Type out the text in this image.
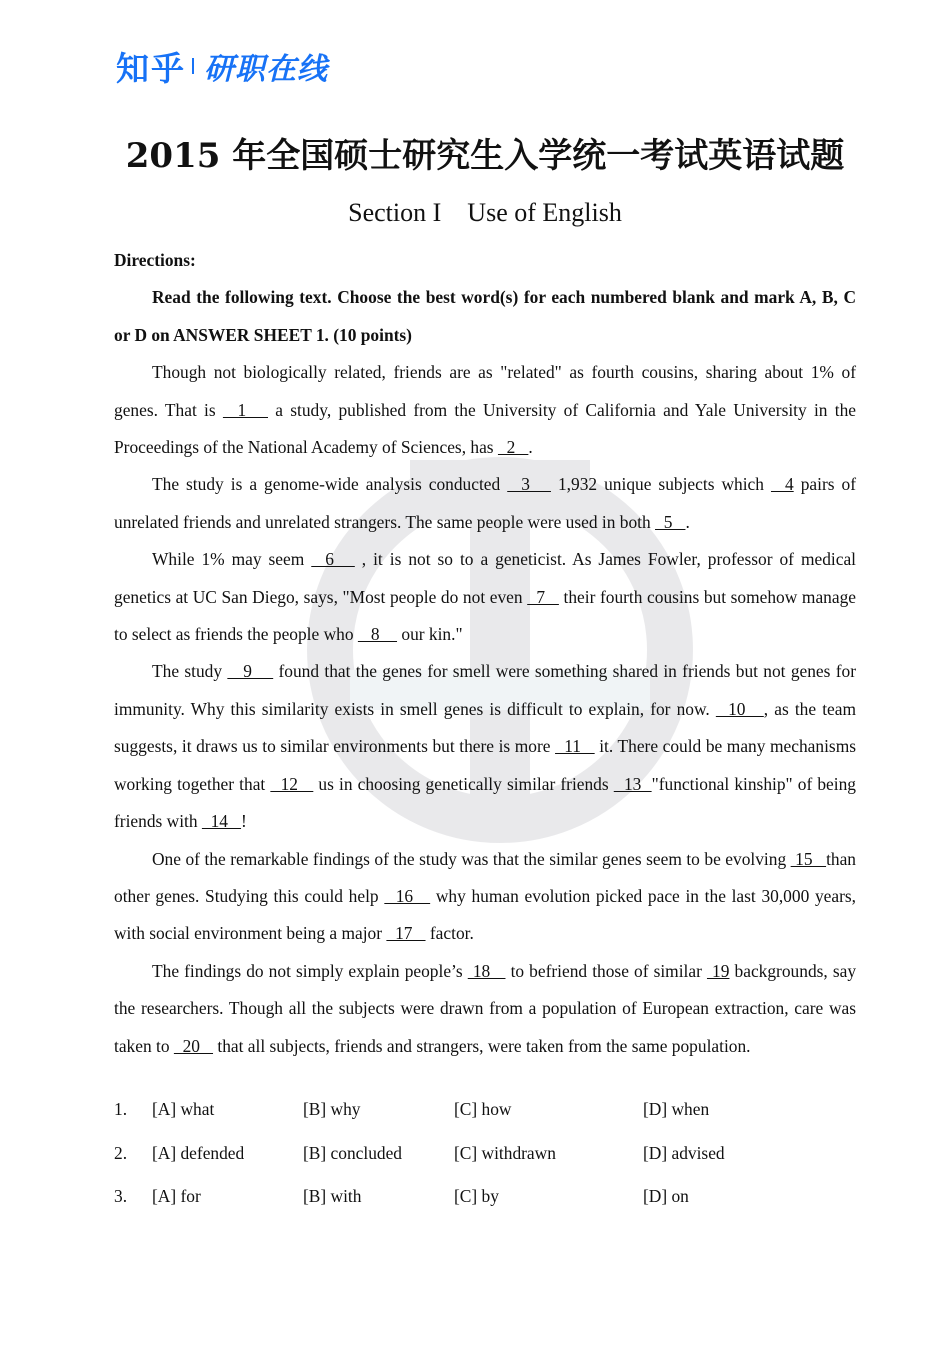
知乎 研职在线
2015 年全国硕士研究生入学统一考试英语试题
Section I Use of English

Directions:

Read the following text. Choose the best word(s) for each numbered blank and mark A, B, C or D on ANSWER SHEET 1. (10 points)

Though not biologically related, friends are as "related" as fourth cousins, sharing about 1% of genes. That is   1    a study, published from the University of California and Yale University in the Proceedings of the National Academy of Sciences, has   2   .

The study is a genome-wide analysis conducted   3    1,932 unique subjects which   4 pairs of unrelated friends and unrelated strangers. The same people were used in both   5   .

While 1% may seem   6    , it is not so to a geneticist. As James Fowler, professor of medical genetics at UC San Diego, says, "Most people do not even   7    their fourth cousins but somehow manage to select as friends the people who    8     our kin."

The study    9     found that the genes for smell were something shared in friends but not genes for immunity. Why this similarity exists in smell genes is difficult to explain, for now.   10   , as the team suggests, it draws us to similar environments but there is more   11    it. There could be many mechanisms working together that   12    us in choosing genetically similar friends   13  "functional kinship" of being friends with   14   !

One of the remarkable findings of the study was that the similar genes seem to be evolving  15   than other genes. Studying this could help   16    why human evolution picked pace in the last 30,000 years, with social environment being a major   17    factor.

The findings do not simply explain people’s  18    to befriend those of similar  19 backgrounds, say the researchers. Though all the subjects were drawn from a population of European extraction, care was taken to   20    that all subjects, friends and strangers, were taken from the same population.

1. [A] what	[B] why	[C] how	[D] when
2. [A] defended	[B] concluded	[C] withdrawn	[D] advised
3. [A] for	[B] with	[C] by	[D] on
